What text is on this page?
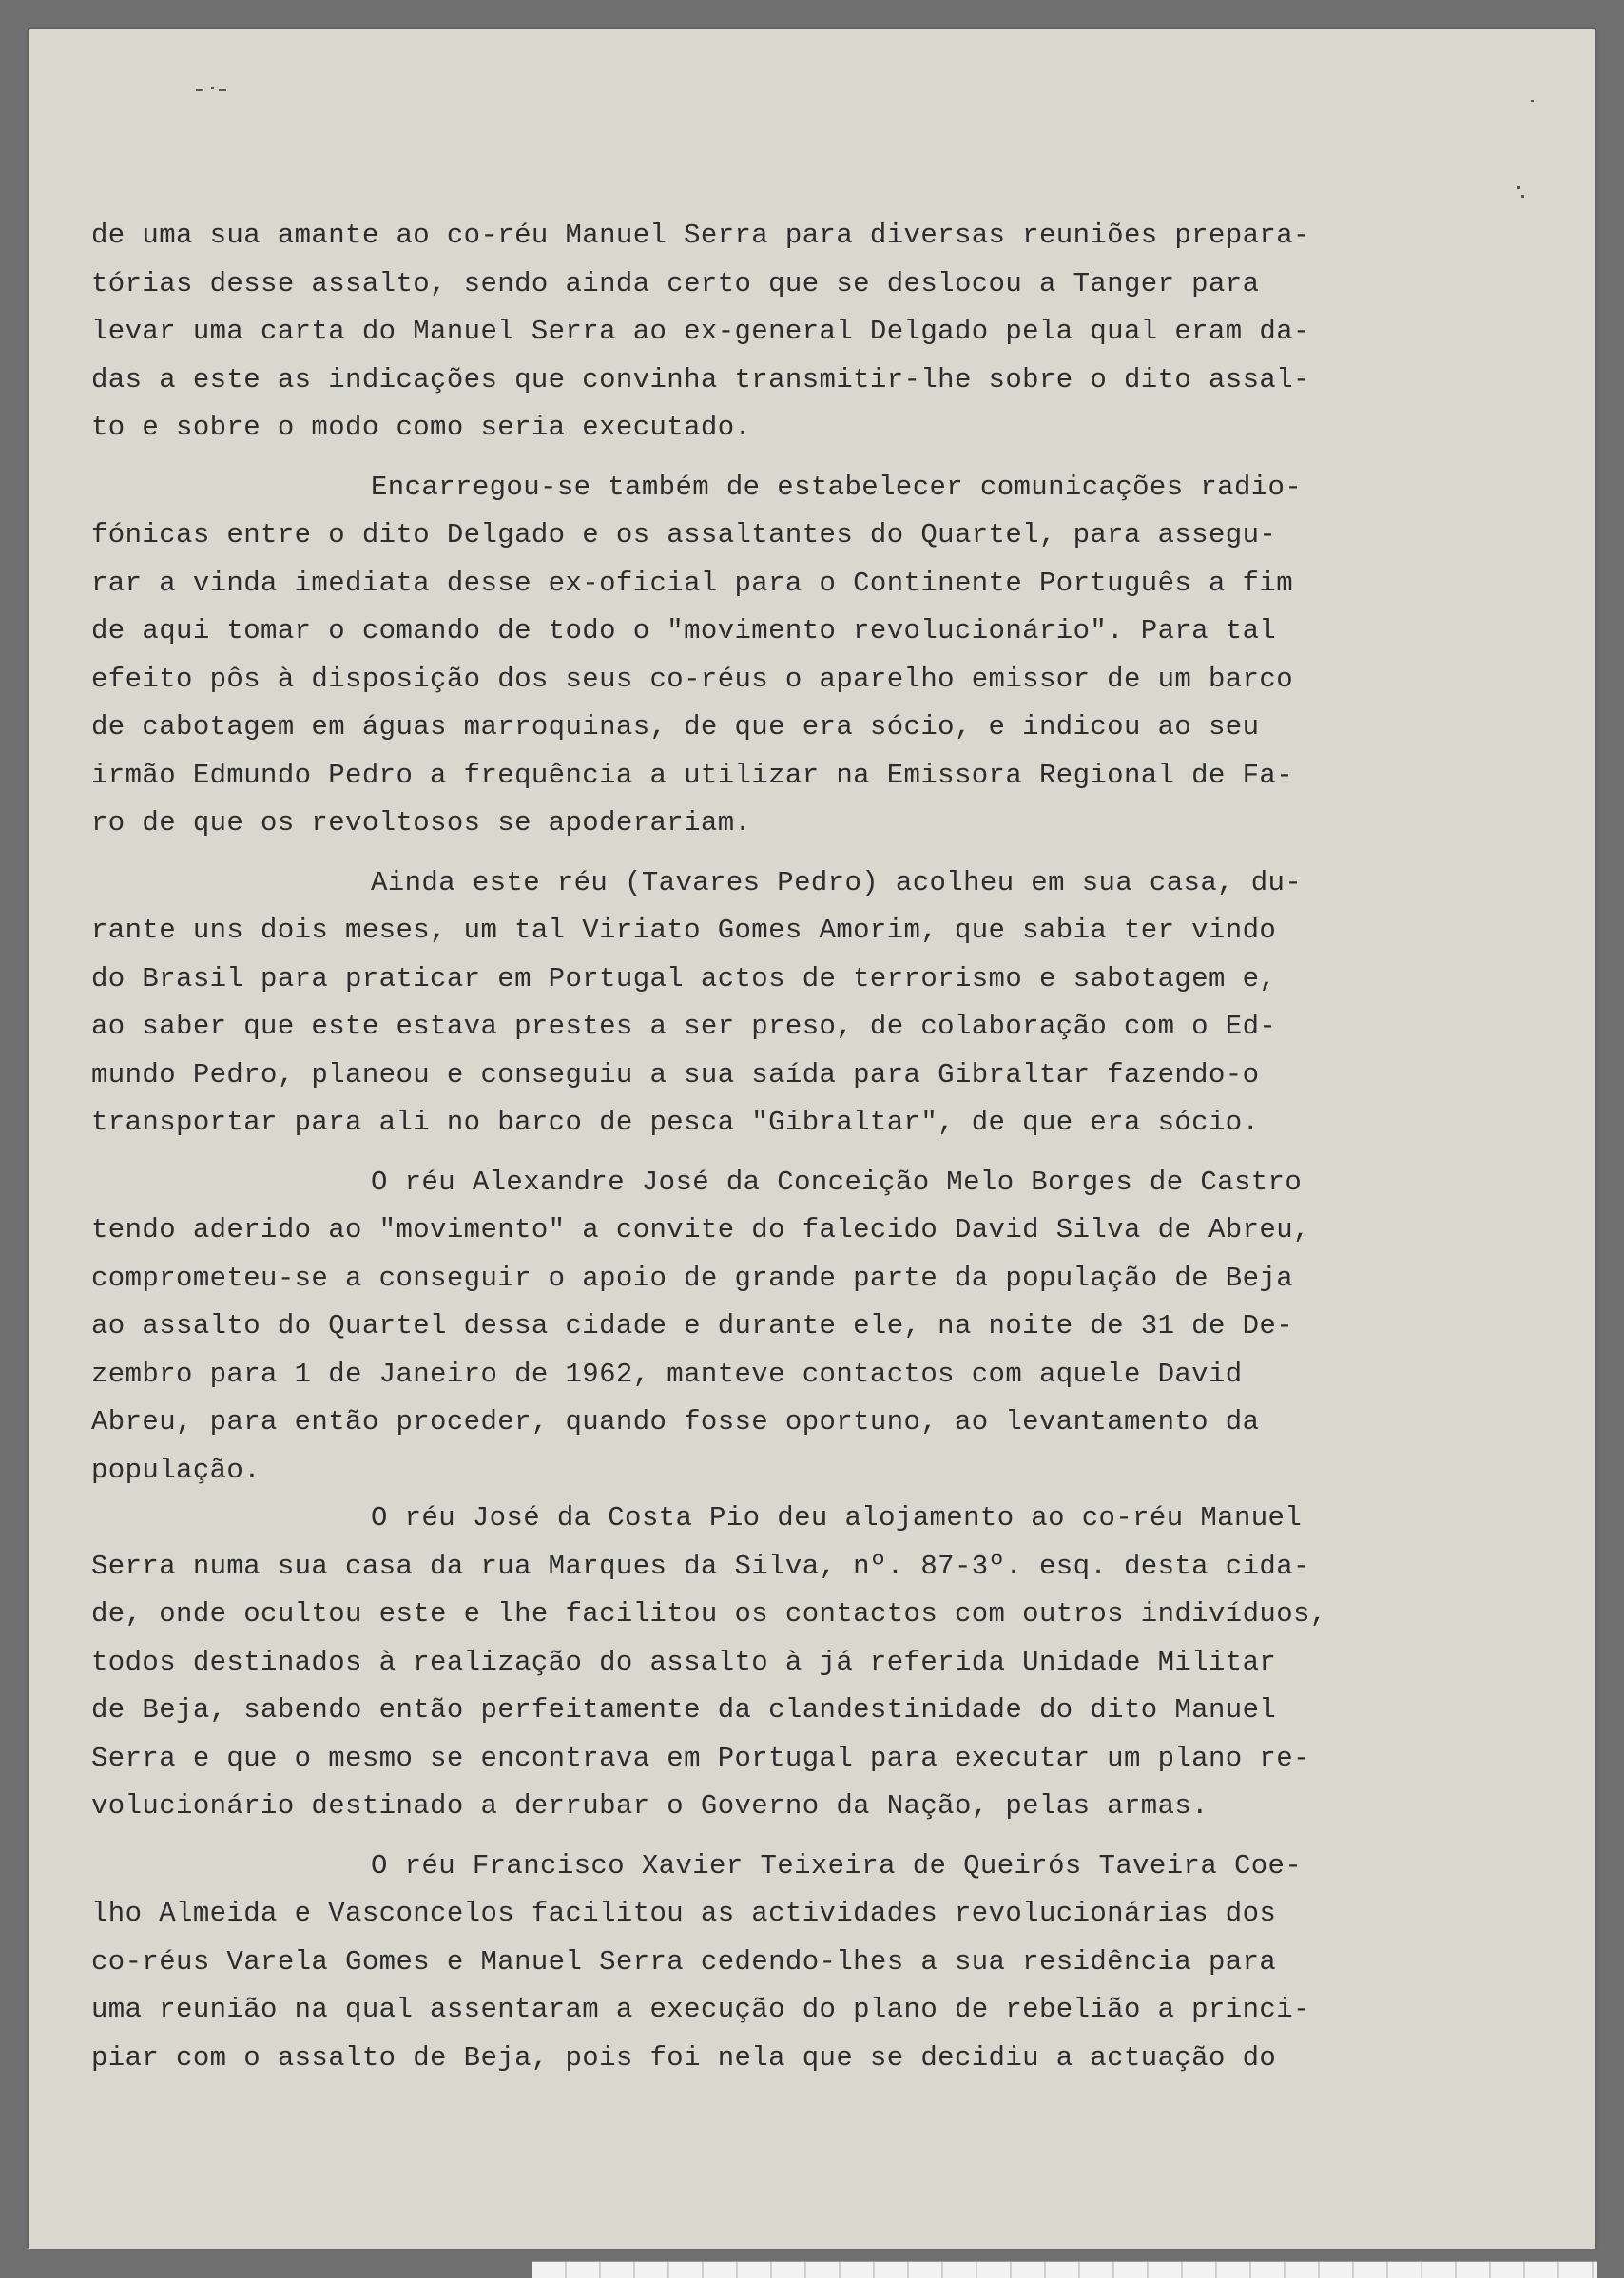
de uma sua amante ao co-réu Manuel Serra para diversas reuniões prepara-
tórias desse assalto, sendo ainda certo que se deslocou a Tanger para
levar uma carta do Manuel Serra ao ex-general Delgado pela qual eram da-
das a este as indicações que convinha transmitir-lhe sobre o dito assal-
to e sobre o modo como seria executado.
Encarregou-se também de estabelecer comunicações radio-
fónicas entre o dito Delgado e os assaltantes do Quartel, para assegu-
rar a vinda imediata desse ex-oficial para o Continente Português a fim
de aqui tomar o comando de todo o "movimento revolucionário". Para tal
efeito pôs à disposição dos seus co-réus o aparelho emissor de um barco
de cabotagem em águas marroquinas, de que era sócio, e indicou ao seu
irmão Edmundo Pedro a frequência a utilizar na Emissora Regional de Fa-
ro de que os revoltosos se apoderariam.
Ainda este réu (Tavares Pedro) acolheu em sua casa, du-
rante uns dois meses, um tal Viriato Gomes Amorim, que sabia ter vindo
do Brasil para praticar em Portugal actos de terrorismo e sabotagem e,
ao saber que este estava prestes a ser preso, de colaboração com o Ed-
mundo Pedro, planeou e conseguiu a sua saída para Gibraltar fazendo-o
transportar para ali no barco de pesca "Gibraltar", de que era sócio.
O réu Alexandre José da Conceição Melo Borges de Castro
tendo aderido ao "movimento" a convite do falecido David Silva de Abreu,
comprometeu-se a conseguir o apoio de grande parte da população de Beja
ao assalto do Quartel dessa cidade e durante ele, na noite de 31 de De-
zembro para 1 de Janeiro de 1962, manteve contactos com aquele David
Abreu, para então proceder, quando fosse oportuno, ao levantamento da
população.
O réu José da Costa Pio deu alojamento ao co-réu Manuel
Serra numa sua casa da rua Marques da Silva, nº. 87-3º. esq. desta cida-
de, onde ocultou este e lhe facilitou os contactos com outros indivíduos,
todos destinados à realização do assalto à já referida Unidade Militar
de Beja, sabendo então perfeitamente da clandestinidade do dito Manuel
Serra e que o mesmo se encontrava em Portugal para executar um plano re-
volucionário destinado a derrubar o Governo da Nação, pelas armas.
O réu Francisco Xavier Teixeira de Queirós Taveira Coe-
lho Almeida e Vasconcelos facilitou as actividades revolucionárias dos
co-réus Varela Gomes e Manuel Serra cedendo-lhes a sua residência para
uma reunião na qual assentaram a execução do plano de rebelião a princi-
piar com o assalto de Beja, pois foi nela que se decidiu a actuação do
